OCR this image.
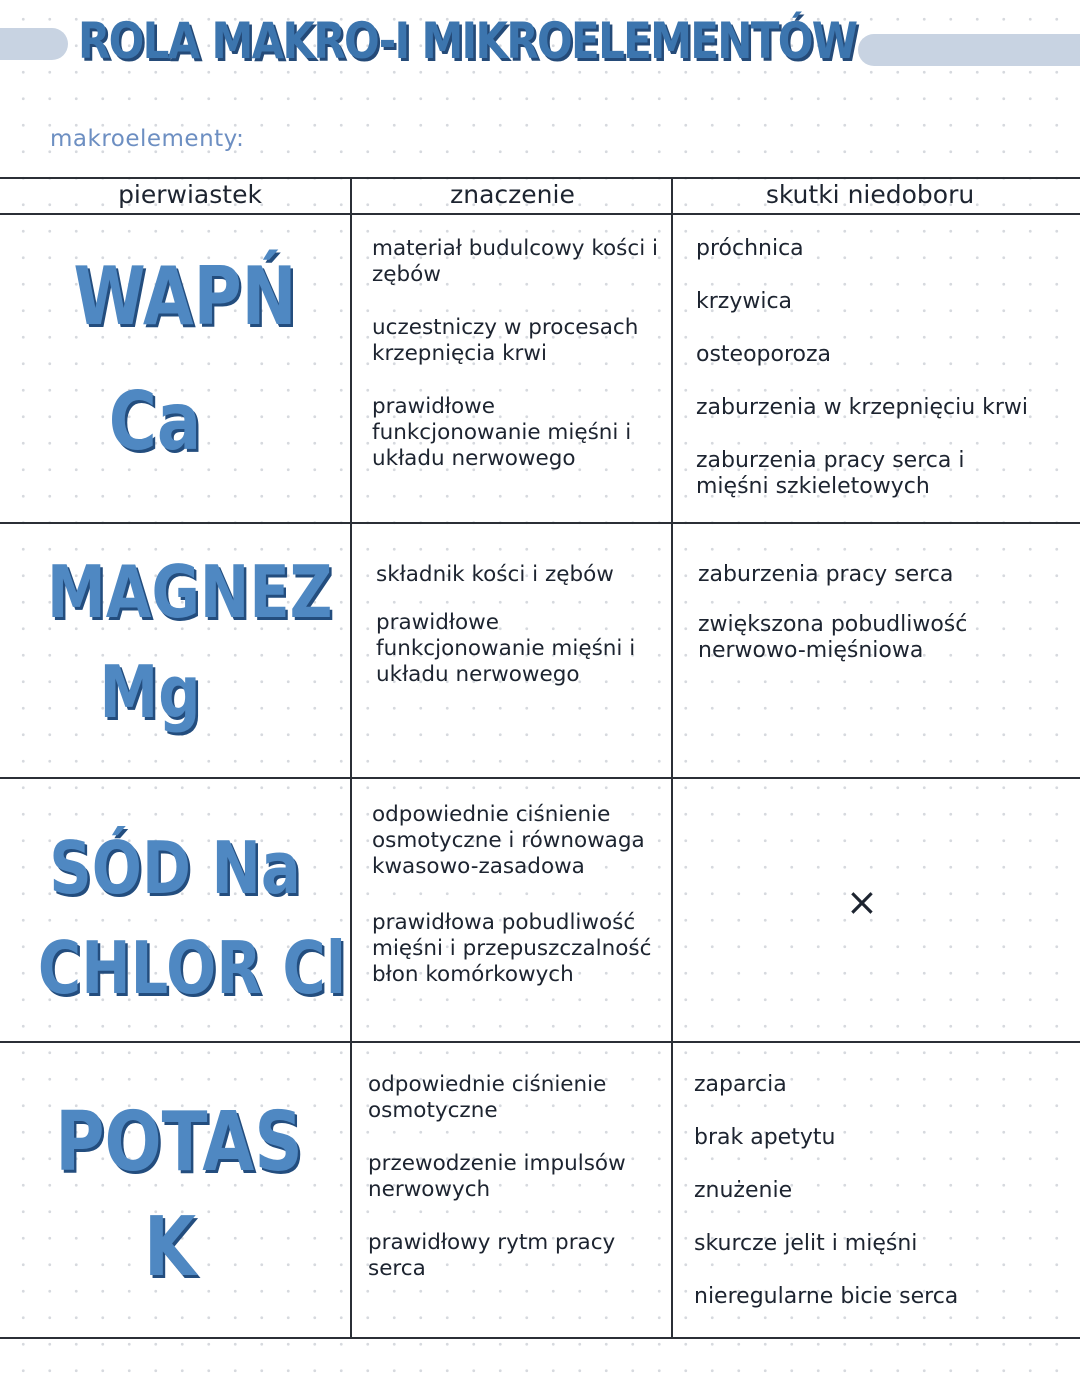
ROLA MAKRO-I MIKROELEMENTÓW
makroelementy:
pierwiastek	znaczenie	skutki niedoboru
WAPŃ
Ca

materiał budulcowy kości i zębów

uczestniczy w procesach krzepnięcia krwi

prawidłowe funkcjonowanie mięśni i układu nerwowego

próchnica

krzywica

osteoporoza

zaburzenia w krzepnięciu krwi

zaburzenia pracy serca i mięśni szkieletowych

MAGNEZ
Mg

składnik kości i zębów

prawidłowe funkcjonowanie mięśni i układu nerwowego

zaburzenia pracy serca

zwiększona pobudliwość nerwowo-mięśniowa

SÓD Na
CHLOR Cl

odpowiednie ciśnienie osmotyczne i równowaga kwasowo-zasadowa

prawidłowa pobudliwość mięśni i przepuszczalność błon komórkowych

×
POTAS
K

odpowiednie ciśnienie osmotyczne

przewodzenie impulsów nerwowych

prawidłowy rytm pracy serca

zaparcia

brak apetytu

znużenie

skurcze jelit i mięśni

nieregularne bicie serca
